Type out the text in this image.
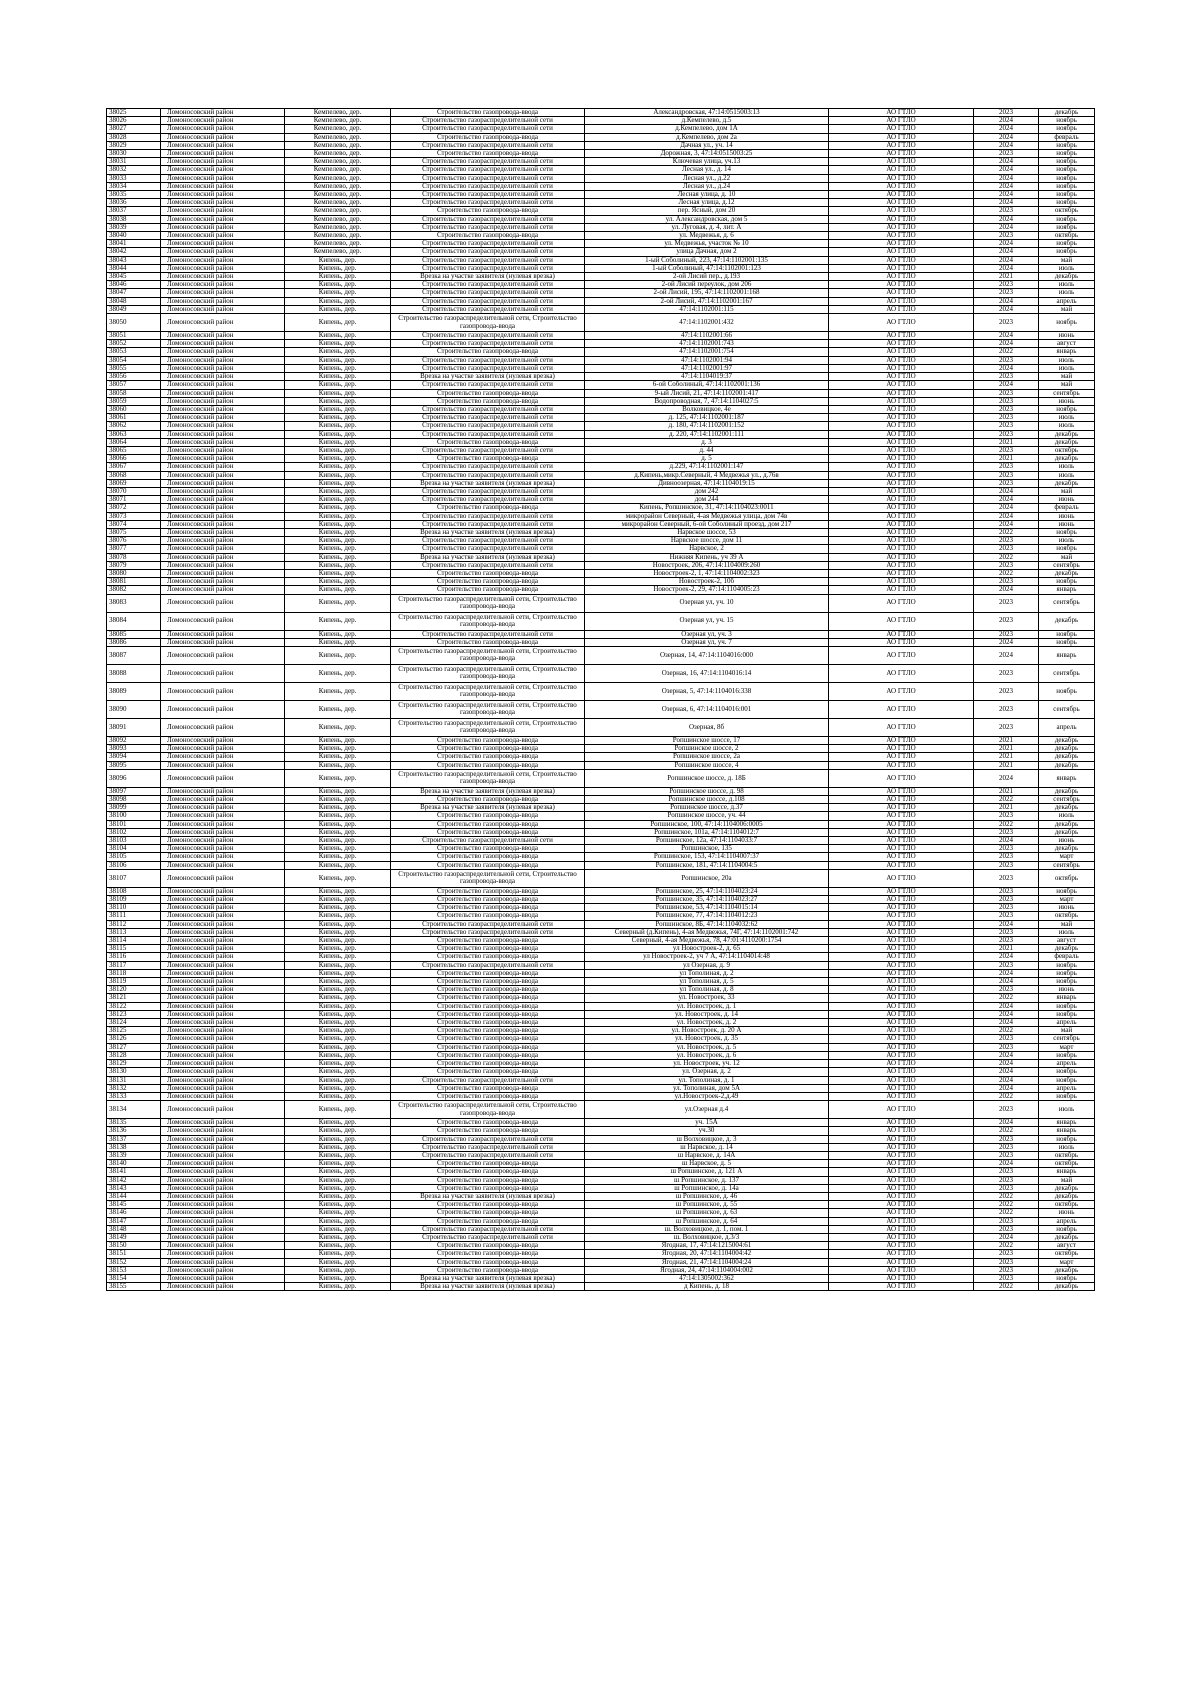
38025	Ломоносовский район	Кемпелево, дер.	Строительство газопровода-ввода	Александровская, 47:14:0515003:13	АО ГТЛО	2023	декабрь
38026	Ломоносовский район	Кемпелево, дер.	Строительство газораспределительной сети	д.Кемпелево, д.5	АО ГТЛО	2024	ноябрь
38027	Ломоносовский район	Кемпелево, дер.	Строительство газораспределительной сети	д.Кемпелево, дом 1А	АО ГТЛО	2024	ноябрь
38028	Ломоносовский район	Кемпелево, дер.	Строительство газопровода-ввода	д.Кемпелево, дом 2а	АО ГТЛО	2024	февраль
38029	Ломоносовский район	Кемпелево, дер.	Строительство газораспределительной сети	Дачная ул., уч. 14	АО ГТЛО	2024	ноябрь
38030	Ломоносовский район	Кемпелево, дер.	Строительство газопровода-ввода	Дорожная, 3, 47:14:0515003:25	АО ГТЛО	2023	ноябрь
38031	Ломоносовский район	Кемпелево, дер.	Строительство газораспределительной сети	Ключевая улица, уч.13	АО ГТЛО	2024	ноябрь
38032	Ломоносовский район	Кемпелево, дер.	Строительство газораспределительной сети	Лесная ул., д. 14	АО ГТЛО	2024	ноябрь
38033	Ломоносовский район	Кемпелево, дер.	Строительство газораспределительной сети	Лесная ул., д.22	АО ГТЛО	2024	ноябрь
38034	Ломоносовский район	Кемпелево, дер.	Строительство газораспределительной сети	Лесная ул., д.24	АО ГТЛО	2024	ноябрь
38035	Ломоносовский район	Кемпелево, дер.	Строительство газораспределительной сети	Лесная улица, д. 10	АО ГТЛО	2024	ноябрь
38036	Ломоносовский район	Кемпелево, дер.	Строительство газораспределительной сети	Лесная улица, д.12	АО ГТЛО	2024	ноябрь
38037	Ломоносовский район	Кемпелево, дер.	Строительство газопровода-ввода	пер. Ясный, дом 20	АО ГТЛО	2023	октябрь
38038	Ломоносовский район	Кемпелево, дер.	Строительство газораспределительной сети	ул. Александровская, дом 5	АО ГТЛО	2024	ноябрь
38039	Ломоносовский район	Кемпелево, дер.	Строительство газораспределительной сети	ул. Луговая, д. 4, лит. А	АО ГТЛО	2024	ноябрь
38040	Ломоносовский район	Кемпелево, дер.	Строительство газопровода-ввода	ул. Медвежья, д. 6	АО ГТЛО	2023	октябрь
38041	Ломоносовский район	Кемпелево, дер.	Строительство газораспределительной сети	ул. Медвежья, участок № 10	АО ГТЛО	2024	ноябрь
38042	Ломоносовский район	Кемпелево, дер.	Строительство газораспределительной сети	улица Дачная, дом 2	АО ГТЛО	2024	ноябрь
38043	Ломоносовский район	Кипень, дер.	Строительство газораспределительной сети	1-ый Соболиный, 223, 47:14:1102001:135	АО ГТЛО	2024	май
38044	Ломоносовский район	Кипень, дер.	Строительство газораспределительной сети	1-ый Соболиный, 47:14:1102001:123	АО ГТЛО	2024	июль
38045	Ломоносовский район	Кипень, дер.	Врезка на участке заявителя (нулевая врезка)	2-ой Лисий пер., д.193	АО ГТЛО	2021	декабрь
38046	Ломоносовский район	Кипень, дер.	Строительство газораспределительной сети	2-ой Лисий переулок, дом 206	АО ГТЛО	2023	июль
38047	Ломоносовский район	Кипень, дер.	Строительство газораспределительной сети	2-ой Лисий, 195, 47:14:1102001:168	АО ГТЛО	2023	июль
38048	Ломоносовский район	Кипень, дер.	Строительство газораспределительной сети	2-ой Лисий, 47:14:1102001:167	АО ГТЛО	2024	апрель
38049	Ломоносовский район	Кипень, дер.	Строительство газораспределительной сети	47:14:1102001:115	АО ГТЛО	2024	май
38050	Ломоносовский район	Кипень, дер.	Строительство газораспределительной сети, Строительство газопровода-ввода	47:14:1102001:432	АО ГТЛО	2023	ноябрь
38051	Ломоносовский район	Кипень, дер.	Строительство газораспределительной сети	47:14:1102001:66	АО ГТЛО	2024	июнь
38052	Ломоносовский район	Кипень, дер.	Строительство газораспределительной сети	47:14:1102001:743	АО ГТЛО	2024	август
38053	Ломоносовский район	Кипень, дер.	Строительство газопровода-ввода	47:14:1102001:754	АО ГТЛО	2022	январь
38054	Ломоносовский район	Кипень, дер.	Строительство газораспределительной сети	47:14:1102001:94	АО ГТЛО	2023	июль
38055	Ломоносовский район	Кипень, дер.	Строительство газораспределительной сети	47:14:1102001:97	АО ГТЛО	2024	июль
38056	Ломоносовский район	Кипень, дер.	Врезка на участке заявителя (нулевая врезка)	47:14:1104019:37	АО ГТЛО	2023	май
38057	Ломоносовский район	Кипень, дер.	Строительство газораспределительной сети	6-ой Соболиный, 47:14:1102001:136	АО ГТЛО	2024	май
38058	Ломоносовский район	Кипень, дер.	Строительство газопровода-ввода	9-ый Лисий, 21, 47:14:1102001:417	АО ГТЛО	2023	сентябрь
38059	Ломоносовский район	Кипень, дер.	Строительство газопровода-ввода	Водопроводная, 7, 47:14:1104027:5	АО ГТЛО	2023	июнь
38060	Ломоносовский район	Кипень, дер.	Строительство газораспределительной сети	Волковицкое, 4е	АО ГТЛО	2023	ноябрь
38061	Ломоносовский район	Кипень, дер.	Строительство газораспределительной сети	д. 125, 47:14:1102001:187	АО ГТЛО	2023	июль
38062	Ломоносовский район	Кипень, дер.	Строительство газораспределительной сети	д. 180, 47:14:1102001:152	АО ГТЛО	2023	июль
38063	Ломоносовский район	Кипень, дер.	Строительство газораспределительной сети	д. 220, 47:14:1102001:111	АО ГТЛО	2023	декабрь
38064	Ломоносовский район	Кипень, дер.	Строительство газопровода-ввода	д. 3	АО ГТЛО	2021	декабрь
38065	Ломоносовский район	Кипень, дер.	Строительство газораспределительной сети	д. 44	АО ГТЛО	2023	октябрь
38066	Ломоносовский район	Кипень, дер.	Строительство газопровода-ввода	д. 5	АО ГТЛО	2021	декабрь
38067	Ломоносовский район	Кипень, дер.	Строительство газораспределительной сети	д.229, 47:14:1102001:147	АО ГТЛО	2023	июль
38068	Ломоносовский район	Кипень, дер.	Строительство газораспределительной сети	д.Кипень,микр.Северный, 4 Медвежья ул., д.76в	АО ГТЛО	2023	июль
38069	Ломоносовский район	Кипень, дер.	Врезка на участке заявителя (нулевая врезка)	Дивноозерная, 47:14:1104019:15	АО ГТЛО	2023	декабрь
38070	Ломоносовский район	Кипень, дер.	Строительство газораспределительной сети	дом 242	АО ГТЛО	2024	май
38071	Ломоносовский район	Кипень, дер.	Строительство газораспределительной сети	дом 244	АО ГТЛО	2024	июнь
38072	Ломоносовский район	Кипень, дер.	Строительство газопровода-ввода	Кипень, Ропшинское, 31, 47:14:1104023:0011	АО ГТЛО	2024	февраль
38073	Ломоносовский район	Кипень, дер.	Строительство газораспределительной сети	микрорайон Северный, 4-ая Медвежья улица, дом 74в	АО ГТЛО	2024	июнь
38074	Ломоносовский район	Кипень, дер.	Строительство газораспределительной сети	микрорайон Северный, 6-ой Соболиный проезд, дом 217	АО ГТЛО	2024	июнь
38075	Ломоносовский район	Кипень, дер.	Врезка на участке заявителя (нулевая врезка)	Нарвское шоссе, 53	АО ГТЛО	2022	ноябрь
38076	Ломоносовский район	Кипень, дер.	Строительство газораспределительной сети	Нарвское шоссе, дом 11	АО ГТЛО	2023	июль
38077	Ломоносовский район	Кипень, дер.	Строительство газораспределительной сети	Нарвское, 2	АО ГТЛО	2023	ноябрь
38078	Ломоносовский район	Кипень, дер.	Врезка на участке заявителя (нулевая врезка)	Нижняя Кипень, уч 39 А	АО ГТЛО	2022	май
38079	Ломоносовский район	Кипень, дер.	Строительство газораспределительной сети	Новостроек, 206, 47:14:1104009:260	АО ГТЛО	2023	сентябрь
38080	Ломоносовский район	Кипень, дер.	Строительство газопровода-ввода	Новостроек-2, 1, 47:14:1104002:323	АО ГТЛО	2022	декабрь
38081	Ломоносовский район	Кипень, дер.	Строительство газопровода-ввода	Новостроек-2, 10б	АО ГТЛО	2023	ноябрь
38082	Ломоносовский район	Кипень, дер.	Строительство газопровода-ввода	Новостроек-2, 29, 47:14:1104005:23	АО ГТЛО	2024	январь
38083	Ломоносовский район	Кипень, дер.	Строительство газораспределительной сети, Строительство газопровода-ввода	Озерная ул, уч. 10	АО ГТЛО	2023	сентябрь
38084	Ломоносовский район	Кипень, дер.	Строительство газораспределительной сети, Строительство газопровода-ввода	Озерная ул, уч. 15	АО ГТЛО	2023	декабрь
38085	Ломоносовский район	Кипень, дер.	Строительство газораспределительной сети	Озерная ул, уч. 3	АО ГТЛО	2023	ноябрь
38086	Ломоносовский район	Кипень, дер.	Строительство газопровода-ввода	Озерная ул, уч. 7	АО ГТЛО	2024	ноябрь
38087	Ломоносовский район	Кипень, дер.	Строительство газораспределительной сети, Строительство газопровода-ввода	Озерная, 14, 47:14:1104016:000	АО ГТЛО	2024	январь
38088	Ломоносовский район	Кипень, дер.	Строительство газораспределительной сети, Строительство газопровода-ввода	Озерная, 16, 47:14:1104016:14	АО ГТЛО	2023	сентябрь
38089	Ломоносовский район	Кипень, дер.	Строительство газораспределительной сети, Строительство газопровода-ввода	Озерная, 5, 47:14:1104016:338	АО ГТЛО	2023	ноябрь
38090	Ломоносовский район	Кипень, дер.	Строительство газораспределительной сети, Строительство газопровода-ввода	Озерная, 6, 47:14:1104016:001	АО ГТЛО	2023	сентябрь
38091	Ломоносовский район	Кипень, дер.	Строительство газораспределительной сети, Строительство газопровода-ввода	Озерная, 8б	АО ГТЛО	2023	апрель
38092	Ломоносовский район	Кипень, дер.	Строительство газопровода-ввода	Ропшинское шоссе, 17	АО ГТЛО	2021	декабрь
38093	Ломоносовский район	Кипень, дер.	Строительство газопровода-ввода	Ропшинское шоссе, 2	АО ГТЛО	2021	декабрь
38094	Ломоносовский район	Кипень, дер.	Строительство газопровода-ввода	Ропшинское шоссе, 2а	АО ГТЛО	2021	декабрь
38095	Ломоносовский район	Кипень, дер.	Строительство газопровода-ввода	Ропшинское шоссе, 4	АО ГТЛО	2021	декабрь
38096	Ломоносовский район	Кипень, дер.	Строительство газораспределительной сети, Строительство газопровода-ввода	Ропшинское шоссе, д. 18Б	АО ГТЛО	2024	январь
38097	Ломоносовский район	Кипень, дер.	Врезка на участке заявителя (нулевая врезка)	Ропшинское шоссе, д. 98	АО ГТЛО	2021	декабрь
38098	Ломоносовский район	Кипень, дер.	Строительство газопровода-ввода	Ропшинское шоссе, д.108	АО ГТЛО	2022	сентябрь
38099	Ломоносовский район	Кипень, дер.	Врезка на участке заявителя (нулевая врезка)	Ропшинское шоссе, д.37	АО ГТЛО	2021	декабрь
38100	Ломоносовский район	Кипень, дер.	Строительство газопровода-ввода	Ропшинское шоссе, уч. 44	АО ГТЛО	2023	июль
38101	Ломоносовский район	Кипень, дер.	Строительство газопровода-ввода	Ропшинское, 100, 47:14:1104006:0005	АО ГТЛО	2022	декабрь
38102	Ломоносовский район	Кипень, дер.	Строительство газопровода-ввода	Ропшинское, 101а, 47:14:1104012:7	АО ГТЛО	2023	декабрь
38103	Ломоносовский район	Кипень, дер.	Строительство газораспределительной сети	Ропшинское, 12а, 47:14:1104033:7	АО ГТЛО	2024	июнь
38104	Ломоносовский район	Кипень, дер.	Строительство газопровода-ввода	Ропшинское, 135	АО ГТЛО	2023	декабрь
38105	Ломоносовский район	Кипень, дер.	Строительство газопровода-ввода	Ропшинское, 153, 47:14:1104007:37	АО ГТЛО	2023	март
38106	Ломоносовский район	Кипень, дер.	Строительство газопровода-ввода	Ропшинское, 181, 47:14:1104004:5	АО ГТЛО	2023	сентябрь
38107	Ломоносовский район	Кипень, дер.	Строительство газораспределительной сети, Строительство газопровода-ввода	Ропшинское, 20а	АО ГТЛО	2023	октябрь
38108	Ломоносовский район	Кипень, дер.	Строительство газопровода-ввода	Ропшинское, 25, 47:14:1104023:24	АО ГТЛО	2023	ноябрь
38109	Ломоносовский район	Кипень, дер.	Строительство газопровода-ввода	Ропшинское, 35, 47:14:1104023:27	АО ГТЛО	2023	март
38110	Ломоносовский район	Кипень, дер.	Строительство газопровода-ввода	Ропшинское, 53, 47:14:1104015:14	АО ГТЛО	2023	июнь
38111	Ломоносовский район	Кипень, дер.	Строительство газопровода-ввода	Ропшинское, 77, 47:14:1104012:23	АО ГТЛО	2023	октябрь
38112	Ломоносовский район	Кипень, дер.	Строительство газораспределительной сети	Ропшинское, 8Б, 47:14:1104032:62	АО ГТЛО	2024	май
38113	Ломоносовский район	Кипень, дер.	Строительство газораспределительной сети	Северный (д.Кипень), 4-ая Медвежья, 74Г, 47:14:1102001:742	АО ГТЛО	2023	июль
38114	Ломоносовский район	Кипень, дер.	Строительство газопровода-ввода	Северный, 4-ая Медвежья, 78, 47:01:4110200:1754	АО ГТЛО	2023	август
38115	Ломоносовский район	Кипень, дер.	Строительство газопровода-ввода	ул Новостроек-2, д. 65	АО ГТЛО	2021	декабрь
38116	Ломоносовский район	Кипень, дер.	Строительство газопровода-ввода	ул Новостроек-2, уч 7 А, 47:14:1104014:48	АО ГТЛО	2024	февраль
38117	Ломоносовский район	Кипень, дер.	Строительство газораспределительной сети	ул Озерная, д. 9	АО ГТЛО	2023	ноябрь
38118	Ломоносовский район	Кипень, дер.	Строительство газопровода-ввода	ул Тополиная, д. 2	АО ГТЛО	2024	ноябрь
38119	Ломоносовский район	Кипень, дер.	Строительство газопровода-ввода	ул Тополиная, д. 5	АО ГТЛО	2024	ноябрь
38120	Ломоносовский район	Кипень, дер.	Строительство газопровода-ввода	ул Тополиная, д. 8	АО ГТЛО	2023	июнь
38121	Ломоносовский район	Кипень, дер.	Строительство газопровода-ввода	ул. Новостроек, 33	АО ГТЛО	2022	январь
38122	Ломоносовский район	Кипень, дер.	Строительство газопровода-ввода	ул. Новостроек, д. 1	АО ГТЛО	2024	ноябрь
38123	Ломоносовский район	Кипень, дер.	Строительство газопровода-ввода	ул. Новостроек, д. 14	АО ГТЛО	2024	ноябрь
38124	Ломоносовский район	Кипень, дер.	Строительство газопровода-ввода	ул. Новостроек, д. 2	АО ГТЛО	2024	апрель
38125	Ломоносовский район	Кипень, дер.	Строительство газопровода-ввода	ул. Новостроек, д. 20 А	АО ГТЛО	2022	май
38126	Ломоносовский район	Кипень, дер.	Строительство газопровода-ввода	ул. Новостроек, д. 35	АО ГТЛО	2023	сентябрь
38127	Ломоносовский район	Кипень, дер.	Строительство газопровода-ввода	ул. Новостроек, д. 5	АО ГТЛО	2023	март
38128	Ломоносовский район	Кипень, дер.	Строительство газопровода-ввода	ул. Новостроек, д. 6	АО ГТЛО	2024	ноябрь
38129	Ломоносовский район	Кипень, дер.	Строительство газопровода-ввода	ул. Новостроек, уч. 12	АО ГТЛО	2024	апрель
38130	Ломоносовский район	Кипень, дер.	Строительство газопровода-ввода	ул. Озерная, д. 2	АО ГТЛО	2024	ноябрь
38131	Ломоносовский район	Кипень, дер.	Строительство газораспределительной сети	ул. Тополиная, д. 1	АО ГТЛО	2024	ноябрь
38132	Ломоносовский район	Кипень, дер.	Строительство газопровода-ввода	ул. Тополиная, дом 5А	АО ГТЛО	2024	апрель
38133	Ломоносовский район	Кипень, дер.	Строительство газопровода-ввода	ул.Новостроек-2,д.49	АО ГТЛО	2022	ноябрь
38134	Ломоносовский район	Кипень, дер.	Строительство газораспределительной сети, Строительство газопровода-ввода	ул.Озерная д.4	АО ГТЛО	2023	июль
38135	Ломоносовский район	Кипень, дер.	Строительство газопровода-ввода	уч. 15А	АО ГТЛО	2024	январь
38136	Ломоносовский район	Кипень, дер.	Строительство газопровода-ввода	уч.30	АО ГТЛО	2022	январь
38137	Ломоносовский район	Кипень, дер.	Строительство газораспределительной сети	ш Волховицкое, д. 3	АО ГТЛО	2023	ноябрь
38138	Ломоносовский район	Кипень, дер.	Строительство газораспределительной сети	ш Нарвское, д. 14	АО ГТЛО	2023	июль
38139	Ломоносовский район	Кипень, дер.	Строительство газораспределительной сети	ш Нарвское, д. 14А	АО ГТЛО	2023	октябрь
38140	Ломоносовский район	Кипень, дер.	Строительство газопровода-ввода	ш Нарвское, д. 5	АО ГТЛО	2024	октябрь
38141	Ломоносовский район	Кипень, дер.	Строительство газопровода-ввода	ш Ропшинское, д. 121 А	АО ГТЛО	2023	январь
38142	Ломоносовский район	Кипень, дер.	Строительство газопровода-ввода	ш Ропшинское, д. 137	АО ГТЛО	2023	май
38143	Ломоносовский район	Кипень, дер.	Строительство газопровода-ввода	ш Ропшинское, д. 14а	АО ГТЛО	2023	декабрь
38144	Ломоносовский район	Кипень, дер.	Врезка на участке заявителя (нулевая врезка)	ш Ропшинское, д. 46	АО ГТЛО	2022	декабрь
38145	Ломоносовский район	Кипень, дер.	Строительство газопровода-ввода	ш Ропшинское, д. 55	АО ГТЛО	2022	октябрь
38146	Ломоносовский район	Кипень, дер.	Строительство газопровода-ввода	ш Ропшинское, д. 63	АО ГТЛО	2022	июнь
38147	Ломоносовский район	Кипень, дер.	Строительство газопровода-ввода	ш Ропшинское, д. 64	АО ГТЛО	2023	апрель
38148	Ломоносовский район	Кипень, дер.	Строительство газораспределительной сети	ш. Волховицкое, д. 1, пом. 1	АО ГТЛО	2023	ноябрь
38149	Ломоносовский район	Кипень, дер.	Строительство газораспределительной сети	ш. Волховицкое, д.3/3	АО ГТЛО	2024	декабрь
38150	Ломоносовский район	Кипень, дер.	Строительство газопровода-ввода	Ягодная, 17, 47:14:1215004:61	АО ГТЛО	2022	август
38151	Ломоносовский район	Кипень, дер.	Строительство газопровода-ввода	Ягодная, 20, 47:14:1104004:42	АО ГТЛО	2023	октябрь
38152	Ломоносовский район	Кипень, дер.	Строительство газопровода-ввода	Ягодная, 21, 47:14:1104004:24	АО ГТЛО	2023	март
38153	Ломоносовский район	Кипень, дер.	Строительство газопровода-ввода	Ягодная, 24, 47:14:1104004:002	АО ГТЛО	2023	декабрь
38154	Ломоносовский район	Кипень, дер.	Врезка на участке заявителя (нулевая врезка)	47:14:1305002:362	АО ГТЛО	2023	ноябрь
38155	Ломоносовский район	Кипень, дер.	Врезка на участке заявителя (нулевая врезка)	д Кипень, д. 18	АО ГТЛО	2022	декабрь
